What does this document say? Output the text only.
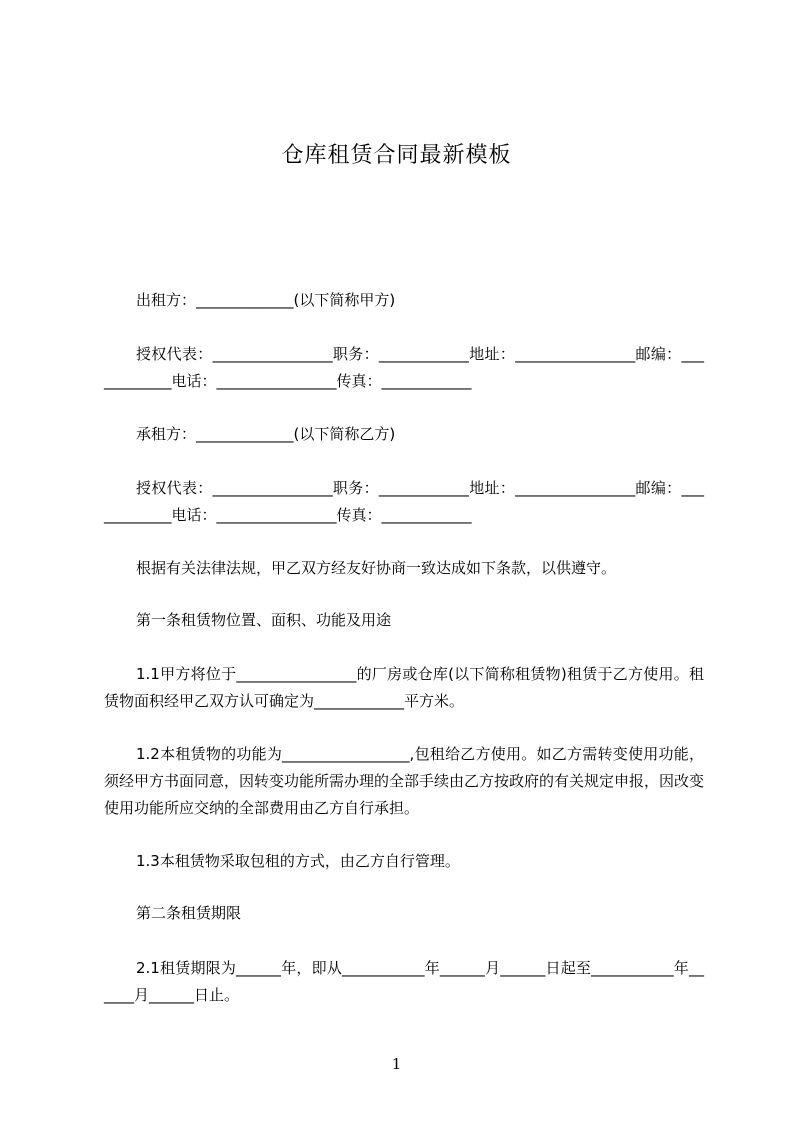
仓库租赁合同最新模板
出租方：_____________(以下简称甲方)
授权代表：________________职务：____________地址：________________邮编：____________电话：________________传真：____________
承租方：_____________(以下简称乙方)
授权代表：________________职务：____________地址：________________邮编：____________电话：________________传真：____________
根据有关法律法规，甲乙双方经友好协商一致达成如下条款，以供遵守。
第一条租赁物位置、面积、功能及用途
1.1甲方将位于________________的厂房或仓库(以下简称租赁物)租赁于乙方使用。租赁物面积经甲乙双方认可确定为____________平方米。
1.2本租赁物的功能为_________________,包租给乙方使用。如乙方需转变使用功能，须经甲方书面同意，因转变功能所需办理的全部手续由乙方按政府的有关规定申报，因改变使用功能所应交纳的全部费用由乙方自行承担。
1.3本租赁物采取包租的方式，由乙方自行管理。
第二条租赁期限
2.1租赁期限为______年，即从___________年______月______日起至___________年______月______日止。
1
